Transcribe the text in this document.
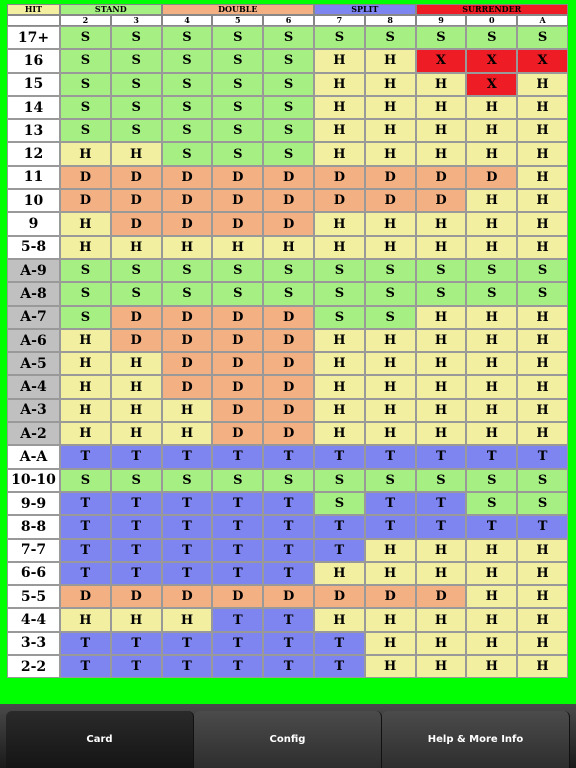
HIT	STAND	DOUBLE	SPLIT	SURRENDER
2	3	4	5	6	7	8	9	0	A
17+	S	S	S	S	S	S	S	S	S	S
16	S	S	S	S	S	H	H	X	X	X
15	S	S	S	S	S	H	H	H	X	H
14	S	S	S	S	S	H	H	H	H	H
13	S	S	S	S	S	H	H	H	H	H
12	H	H	S	S	S	H	H	H	H	H
11	D	D	D	D	D	D	D	D	D	H
10	D	D	D	D	D	D	D	D	H	H
9	H	D	D	D	D	H	H	H	H	H
5-8	H	H	H	H	H	H	H	H	H	H
A-9	S	S	S	S	S	S	S	S	S	S
A-8	S	S	S	S	S	S	S	S	S	S
A-7	S	D	D	D	D	S	S	H	H	H
A-6	H	D	D	D	D	H	H	H	H	H
A-5	H	H	D	D	D	H	H	H	H	H
A-4	H	H	D	D	D	H	H	H	H	H
A-3	H	H	H	D	D	H	H	H	H	H
A-2	H	H	H	D	D	H	H	H	H	H
A-A	T	T	T	T	T	T	T	T	T	T
10-10	S	S	S	S	S	S	S	S	S	S
9-9	T	T	T	T	T	S	T	T	S	S
8-8	T	T	T	T	T	T	T	T	T	T
7-7	T	T	T	T	T	T	H	H	H	H
6-6	T	T	T	T	T	H	H	H	H	H
5-5	D	D	D	D	D	D	D	D	H	H
4-4	H	H	H	T	T	H	H	H	H	H
3-3	T	T	T	T	T	T	H	H	H	H
2-2	T	T	T	T	T	T	H	H	H	H
Card	Config	Help & More Info
